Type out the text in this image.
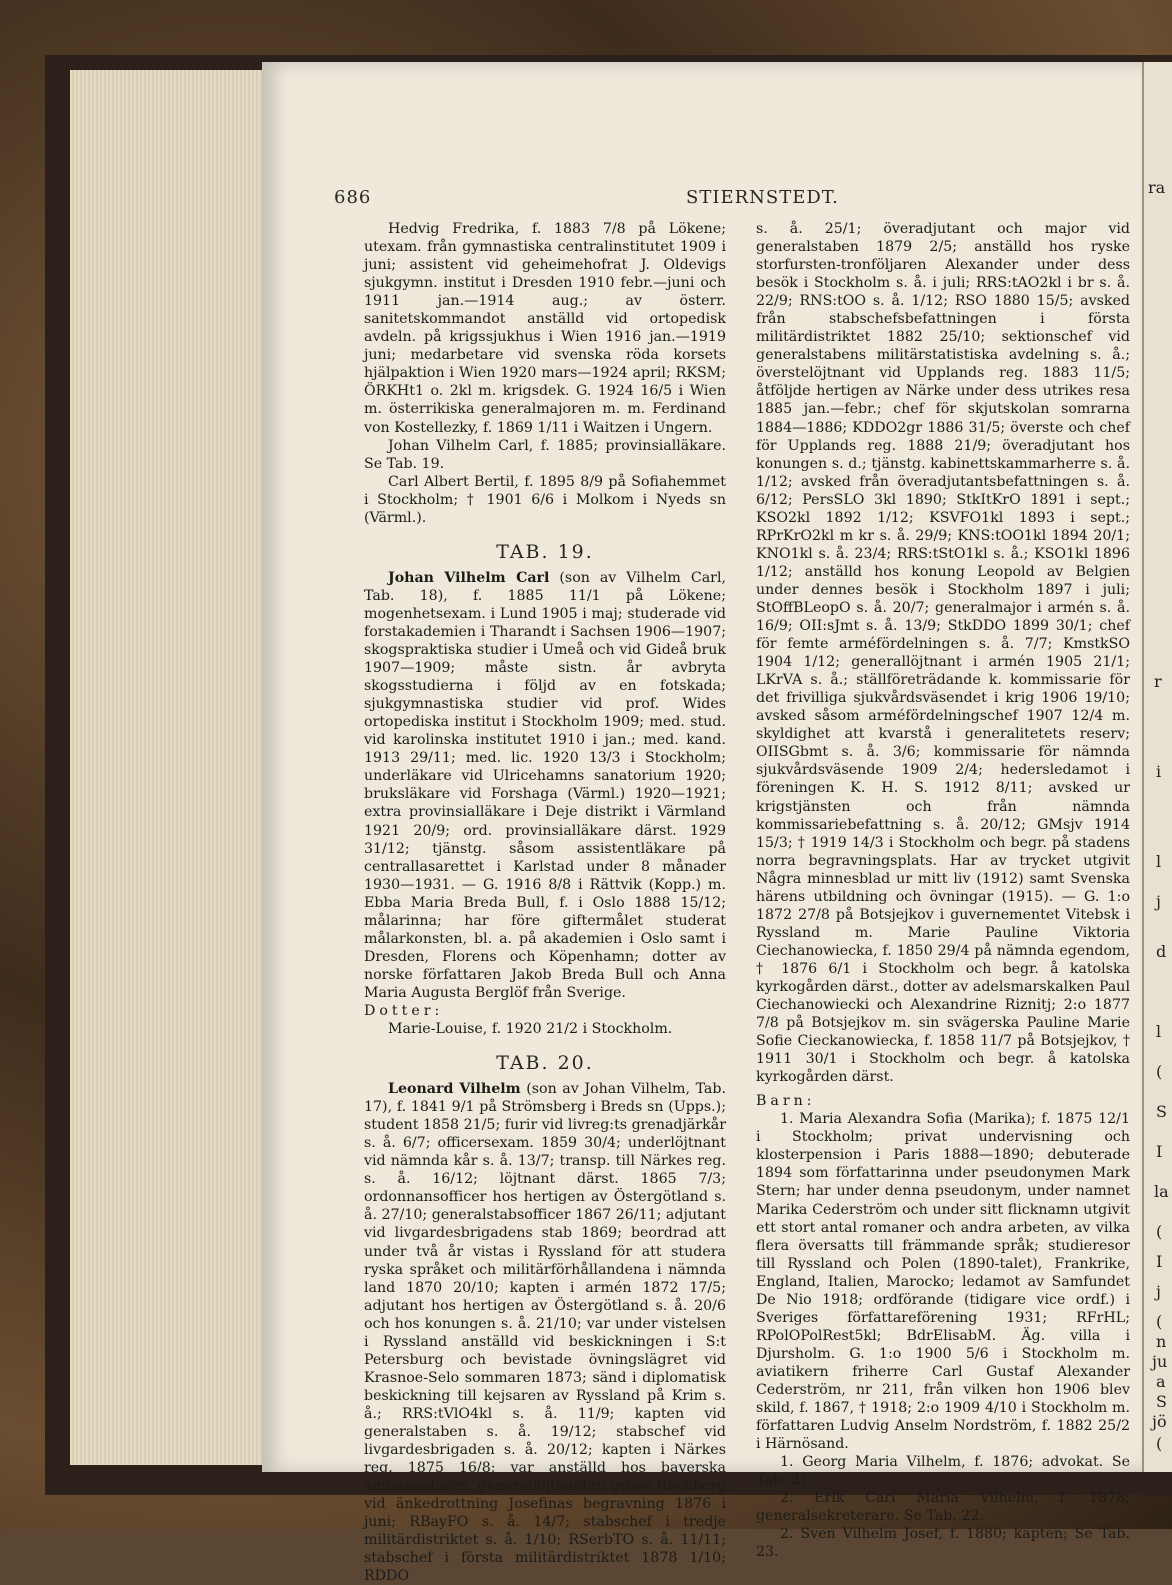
686	STIERNSTEDT.

Hedvig Fredrika, f. 1883 7/8 på Lökene; utexam. från gymnastiska centralinstitutet 1909 i juni; assistent vid geheimehofrat J. Oldevigs sjukgymn. institut i Dresden 1910 febr.—juni och 1911 jan.—1914 aug.; av österr. sanitetskommandot anställd vid ortopedisk avdeln. på krigssjukhus i Wien 1916 jan.—1919 juni; medarbetare vid svenska röda korsets hjälpaktion i Wien 1920 mars—1924 april; RKSM; ÖRKHt1 o. 2kl m. krigsdek. G. 1924 16/5 i Wien m. österrikiska generalmajoren m. m. Ferdinand von Kostellezky, f. 1869 1/11 i Waitzen i Ungern.

Johan Vilhelm Carl, f. 1885; provinsialläkare. Se Tab. 19.

Carl Albert Bertil, f. 1895 8/9 på Sofiahemmet i Stockholm; † 1901 6/6 i Molkom i Nyeds sn (Värml.).

TAB. 19.

Johan Vilhelm Carl (son av Vilhelm Carl, Tab. 18), f. 1885 11/1 på Lökene; mogenhetsexam. i Lund 1905 i maj; studerade vid forstakademien i Tharandt i Sachsen 1906—1907; skogspraktiska studier i Umeå och vid Gideå bruk 1907—1909; måste sistn. år avbryta skogsstudierna i följd av en fotskada; sjukgymnastiska studier vid prof. Wides ortopediska institut i Stockholm 1909; med. stud. vid karolinska institutet 1910 i jan.; med. kand. 1913 29/11; med. lic. 1920 13/3 i Stockholm; underläkare vid Ulricehamns sanatorium 1920; bruksläkare vid Forshaga (Värml.) 1920—1921; extra provinsialläkare i Deje distrikt i Värmland 1921 20/9; ord. provinsialläkare därst. 1929 31/12; tjänstg. såsom assistentläkare på centrallasarettet i Karlstad under 8 månader 1930—1931. — G. 1916 8/8 i Rättvik (Kopp.) m. Ebba Maria Breda Bull, f. i Oslo 1888 15/12; målarinna; har före giftermålet studerat målarkonsten, bl. a. på akademien i Oslo samt i Dresden, Florens och Köpenhamn; dotter av norske författaren Jakob Breda Bull och Anna Maria Augusta Berglöf från Sverige.

Dotter:

Marie-Louise, f. 1920 21/2 i Stockholm.

TAB. 20.

Leonard Vilhelm (son av Johan Vilhelm, Tab. 17), f. 1841 9/1 på Strömsberg i Breds sn (Upps.); student 1858 21/5; furir vid livreg:ts grenadjärkår s. å. 6/7; officersexam. 1859 30/4; underlöjtnant vid nämnda kår s. å. 13/7; transp. till Närkes reg. s. å. 16/12; löjtnant därst. 1865 7/3; ordonnansofficer hos hertigen av Östergötland s. å. 27/10; generalstabsofficer 1867 26/11; adjutant vid livgardesbrigadens stab 1869; beordrad att under två år vistas i Ryssland för att studera ryska språket och militärförhållandena i nämnda land 1870 20/10; kapten i armén 1872 17/5; adjutant hos hertigen av Östergötland s. å. 20/6 och hos konungen s. å. 21/10; var under vistelsen i Ryssland anställd vid beskickningen i S:t Petersburg och bevistade övningslägret vid Krasnoe-Selo sommaren 1873; sänd i diplomatisk beskickning till kejsaren av Ryssland på Krim s. å.; RRS:tVlO4kl s. å. 11/9; kapten vid generalstaben s. å. 19/12; stabschef vid livgardesbrigaden s. å. 20/12; kapten i Närkes reg. 1875 16/8; var anställd hos bayerska ambassadören, generallöjtnanten greve Rechberg vid änkedrottning Josefinas begravning 1876 i juni; RBayFO s. å. 14/7; stabschef i tredje militärdistriktet s. å. 1/10; RSerbTO s. å. 11/11; stabschef i första militärdistriktet 1878 1/10; RDDO

s. å. 25/1; överadjutant och major vid generalstaben 1879 2/5; anställd hos ryske storfursten-tronföljaren Alexander under dess besök i Stockholm s. å. i juli; RRS:tAO2kl i br s. å. 22/9; RNS:tOO s. å. 1/12; RSO 1880 15/5; avsked från stabschefsbefattningen i första militärdistriktet 1882 25/10; sektionschef vid generalstabens militärstatistiska avdelning s. å.; överstelöjtnant vid Upplands reg. 1883 11/5; åtföljde hertigen av Närke under dess utrikes resa 1885 jan.—febr.; chef för skjutskolan somrarna 1884—1886; KDDO2gr 1886 31/5; överste och chef för Upplands reg. 1888 21/9; överadjutant hos konungen s. d.; tjänstg. kabinettskammarherre s. å. 1/12; avsked från överadjutantsbefattningen s. å. 6/12; PersSLO 3kl 1890; StkItKrO 1891 i sept.; KSO2kl 1892 1/12; KSVFO1kl 1893 i sept.; RPrKrO2kl m kr s. å. 29/9; KNS:tOO1kl 1894 20/1; KNO1kl s. å. 23/4; RRS:tStO1kl s. å.; KSO1kl 1896 1/12; anställd hos konung Leopold av Belgien under dennes besök i Stockholm 1897 i juli; StOffBLeopO s. å. 20/7; generalmajor i armén s. å. 16/9; OII:sJmt s. å. 13/9; StkDDO 1899 30/1; chef för femte arméfördelningen s. å. 7/7; KmstkSO 1904 1/12; generallöjtnant i armén 1905 21/1; LKrVA s. å.; ställföreträdande k. kommissarie för det frivilliga sjukvårdsväsendet i krig 1906 19/10; avsked såsom arméfördelningschef 1907 12/4 m. skyldighet att kvarstå i generalitetets reserv; OIISGbmt s. å. 3/6; kommissarie för nämnda sjukvårdsväsende 1909 2/4; hedersledamot i föreningen K. H. S. 1912 8/11; avsked ur krigstjänsten och från nämnda kommissariebefattning s. å. 20/12; GMsjv 1914 15/3; † 1919 14/3 i Stockholm och begr. på stadens norra begravningsplats. Har av trycket utgivit Några minnesblad ur mitt liv (1912) samt Svenska härens utbildning och övningar (1915). — G. 1:o 1872 27/8 på Botsjejkov i guvernementet Vitebsk i Ryssland m. Marie Pauline Viktoria Ciechanowiecka, f. 1850 29/4 på nämnda egendom, † 1876 6/1 i Stockholm och begr. å katolska kyrkogården därst., dotter av adelsmarskalken Paul Ciechanowiecki och Alexandrine Riznitj; 2:o 1877 7/8 på Botsjejkov m. sin svägerska Pauline Marie Sofie Cieckanowiecka, f. 1858 11/7 på Botsjejkov, † 1911 30/1 i Stockholm och begr. å katolska kyrkogården därst.

Barn:

1. Maria Alexandra Sofia (Marika); f. 1875 12/1 i Stockholm; privat undervisning och klosterpension i Paris 1888—1890; debuterade 1894 som författarinna under pseudonymen Mark Stern; har under denna pseudonym, under namnet Marika Cederström och under sitt flicknamn utgivit ett stort antal romaner och andra arbeten, av vilka flera översatts till främmande språk; studieresor till Ryssland och Polen (1890-talet), Frankrike, England, Italien, Marocko; ledamot av Samfundet De Nio 1918; ordförande (tidigare vice ordf.) i Sveriges författareförening 1931; RFrHL; RPolOPolRest5kl; BdrElisabM. Äg. villa i Djursholm. G. 1:o 1900 5/6 i Stockholm m. aviatikern friherre Carl Gustaf Alexander Cederström, nr 211, från vilken hon 1906 blev skild, f. 1867, † 1918; 2:o 1909 4/10 i Stockholm m. författaren Ludvig Anselm Nordström, f. 1882 25/2 i Härnösand.

1. Georg Maria Vilhelm, f. 1876; advokat. Se Tab. 21.

2. Erik Carl Maria Vilhelm, f. 1878; generalsekreterare. Se Tab. 22.

2. Sven Vilhelm Josef, f. 1880; kapten; Se Tab. 23.

ra
r
i
l
j
d
l
(
S
I
la
(
I
j
(
n
ju
a
S
jö
(
